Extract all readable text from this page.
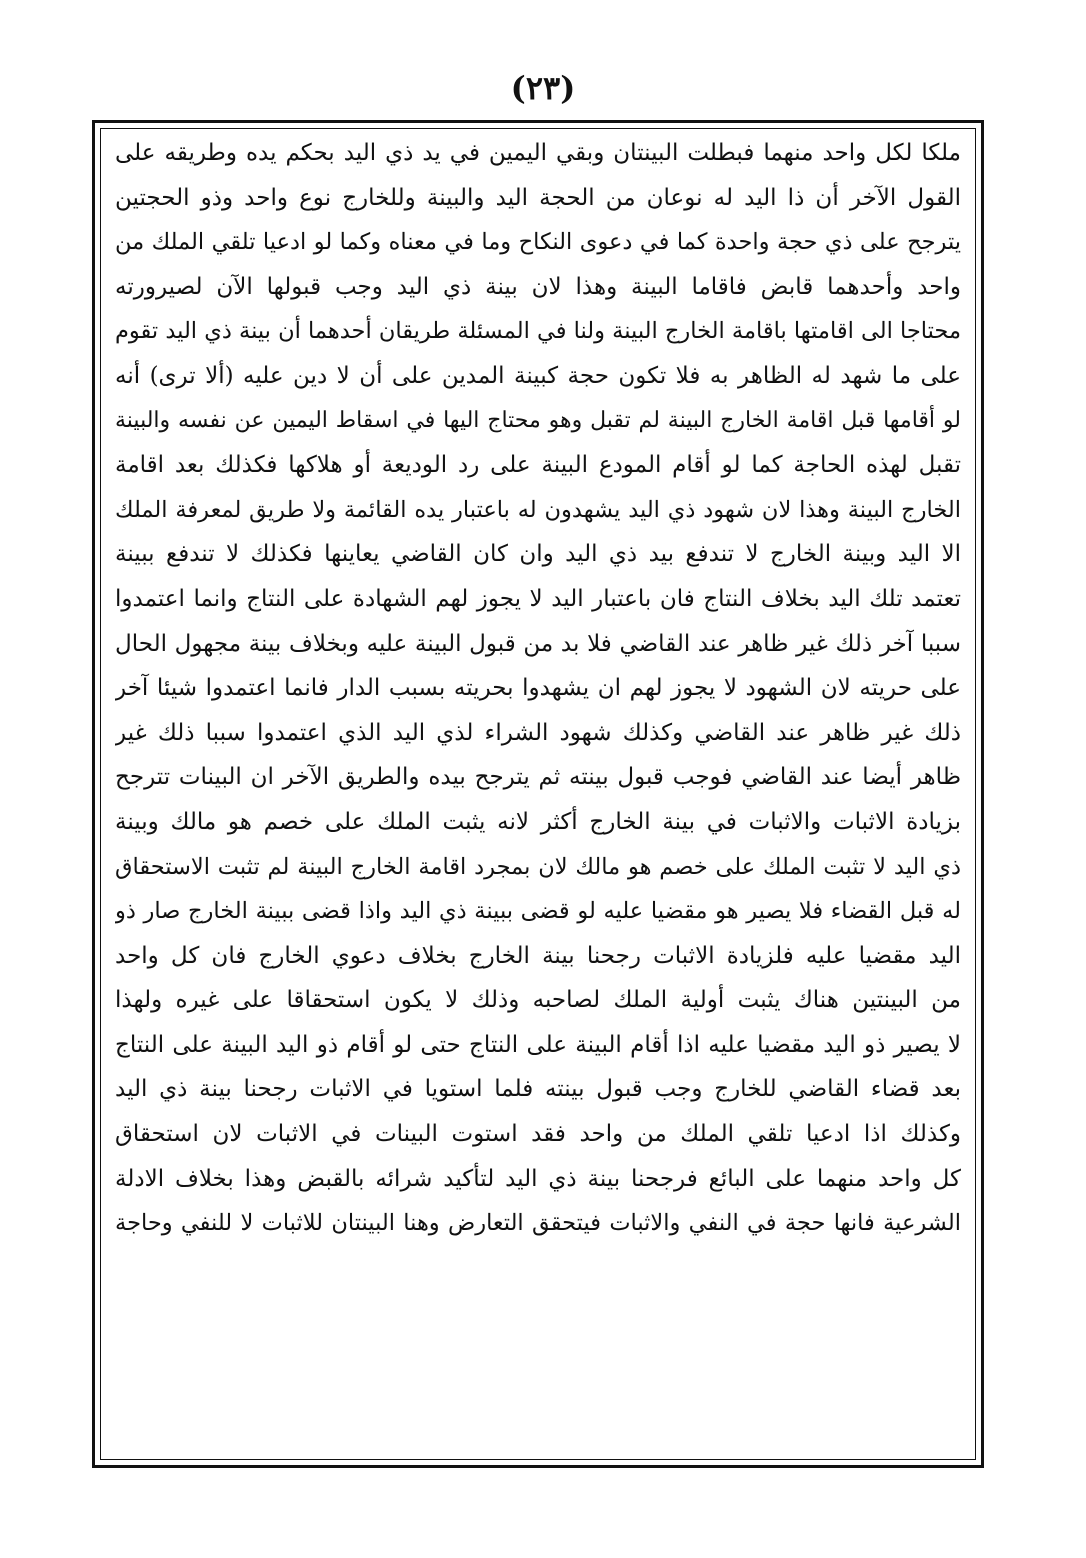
(٢٣)
ملكا لكل واحد منهما فبطلت البينتان وبقي اليمين في يد ذي اليد بحكم يده وطريقه على
القول الآخر أن ذا اليد له نوعان من الحجة اليد والبينة وللخارج نوع واحد وذو الحجتين
يترجح على ذي حجة واحدة كما في دعوى النكاح وما في معناه وكما لو ادعيا تلقي الملك من
واحد وأحدهما قابض فاقاما البينة وهذا لان بينة ذي اليد وجب قبولها الآن لصيرورته
محتاجا الى اقامتها باقامة الخارج البينة ولنا في المسئلة طريقان أحدهما أن بينة ذي اليد تقوم
على ما شهد له الظاهر به فلا تكون حجة كبينة المدين على أن لا دين عليه (ألا ترى) أنه
لو أقامها قبل اقامة الخارج البينة لم تقبل وهو محتاج اليها في اسقاط اليمين عن نفسه والبينة
تقبل لهذه الحاجة كما لو أقام المودع البينة على رد الوديعة أو هلاكها فكذلك بعد اقامة
الخارج البينة وهذا لان شهود ذي اليد يشهدون له باعتبار يده القائمة ولا طريق لمعرفة الملك
الا اليد وبينة الخارج لا تندفع بيد ذي اليد وان كان القاضي يعاينها فكذلك لا تندفع ببينة
تعتمد تلك اليد بخلاف النتاج فان باعتبار اليد لا يجوز لهم الشهادة على النتاج وانما اعتمدوا
سببا آخر ذلك غير ظاهر عند القاضي فلا بد من قبول البينة عليه وبخلاف بينة مجهول الحال
على حريته لان الشهود لا يجوز لهم ان يشهدوا بحريته بسبب الدار فانما اعتمدوا شيئا آخر
ذلك غير ظاهر عند القاضي وكذلك شهود الشراء لذي اليد الذي اعتمدوا سببا ذلك غير
ظاهر أيضا عند القاضي فوجب قبول بينته ثم يترجح بيده والطريق الآخر ان البينات تترجح
بزيادة الاثبات والاثبات في بينة الخارج أكثر لانه يثبت الملك على خصم هو مالك وبينة
ذي اليد لا تثبت الملك على خصم هو مالك لان بمجرد اقامة الخارج البينة لم تثبت الاستحقاق
له قبل القضاء فلا يصير هو مقضيا عليه لو قضى ببينة ذي اليد واذا قضى ببينة الخارج صار ذو
اليد مقضيا عليه فلزيادة الاثبات رجحنا بينة الخارج بخلاف دعوي الخارج فان كل واحد
من البينتين هناك يثبت أولية الملك لصاحبه وذلك لا يكون استحقاقا على غيره ولهذا
لا يصير ذو اليد مقضيا عليه اذا أقام البينة على النتاج حتى لو أقام ذو اليد البينة على النتاج
بعد قضاء القاضي للخارج وجب قبول بينته فلما استويا في الاثبات رجحنا بينة ذي اليد
وكذلك اذا ادعيا تلقي الملك من واحد فقد استوت البينات في الاثبات لان استحقاق
كل واحد منهما على البائع فرجحنا بينة ذي اليد لتأكيد شرائه بالقبض وهذا بخلاف الادلة
الشرعية فانها حجة في النفي والاثبات فيتحقق التعارض وهنا البينتان للاثبات لا للنفي وحاجة
